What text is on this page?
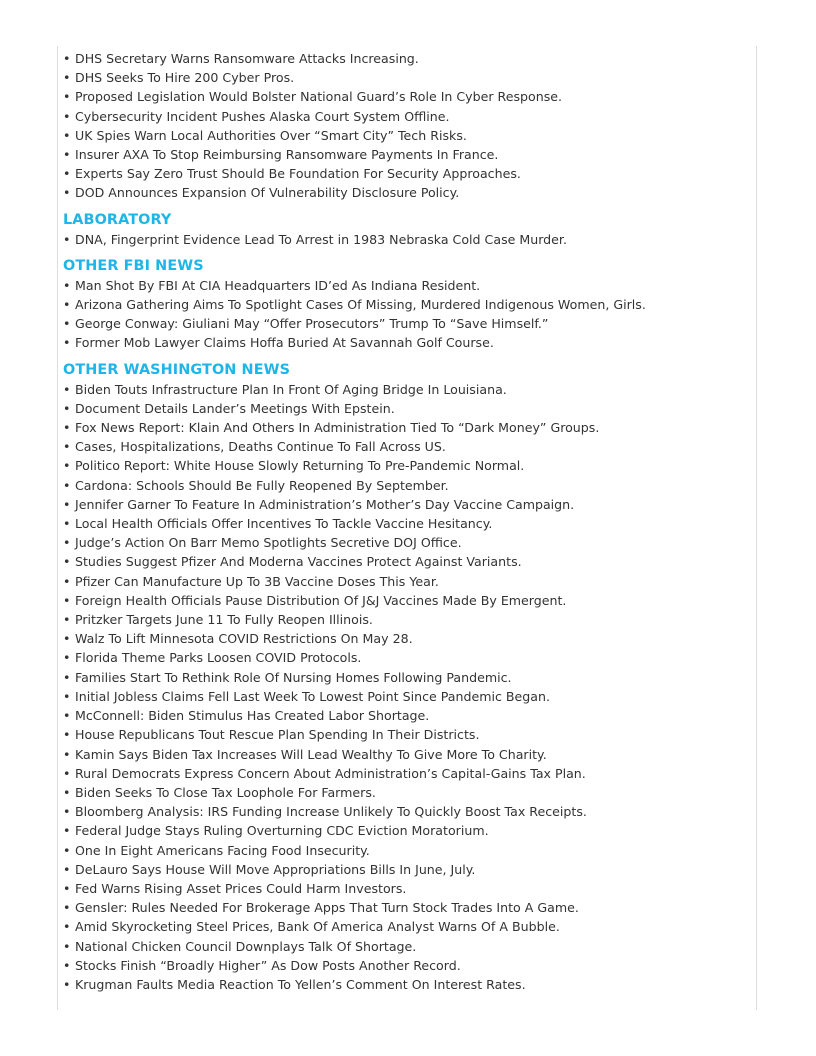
• DHS Secretary Warns Ransomware Attacks Increasing.
• DHS Seeks To Hire 200 Cyber Pros.
• Proposed Legislation Would Bolster National Guard’s Role In Cyber Response.
• Cybersecurity Incident Pushes Alaska Court System Offline.
• UK Spies Warn Local Authorities Over “Smart City” Tech Risks.
• Insurer AXA To Stop Reimbursing Ransomware Payments In France.
• Experts Say Zero Trust Should Be Foundation For Security Approaches.
• DOD Announces Expansion Of Vulnerability Disclosure Policy.
LABORATORY
• DNA, Fingerprint Evidence Lead To Arrest in 1983 Nebraska Cold Case Murder.
OTHER FBI NEWS
• Man Shot By FBI At CIA Headquarters ID’ed As Indiana Resident.
• Arizona Gathering Aims To Spotlight Cases Of Missing, Murdered Indigenous Women, Girls.
• George Conway: Giuliani May “Offer Prosecutors” Trump To “Save Himself.”
• Former Mob Lawyer Claims Hoffa Buried At Savannah Golf Course.
OTHER WASHINGTON NEWS
• Biden Touts Infrastructure Plan In Front Of Aging Bridge In Louisiana.
• Document Details Lander’s Meetings With Epstein.
• Fox News Report: Klain And Others In Administration Tied To “Dark Money” Groups.
• Cases, Hospitalizations, Deaths Continue To Fall Across US.
• Politico Report: White House Slowly Returning To Pre-Pandemic Normal.
• Cardona: Schools Should Be Fully Reopened By September.
• Jennifer Garner To Feature In Administration’s Mother’s Day Vaccine Campaign.
• Local Health Officials Offer Incentives To Tackle Vaccine Hesitancy.
• Judge’s Action On Barr Memo Spotlights Secretive DOJ Office.
• Studies Suggest Pfizer And Moderna Vaccines Protect Against Variants.
• Pfizer Can Manufacture Up To 3B Vaccine Doses This Year.
• Foreign Health Officials Pause Distribution Of J&J Vaccines Made By Emergent.
• Pritzker Targets June 11 To Fully Reopen Illinois.
• Walz To Lift Minnesota COVID Restrictions On May 28.
• Florida Theme Parks Loosen COVID Protocols.
• Families Start To Rethink Role Of Nursing Homes Following Pandemic.
• Initial Jobless Claims Fell Last Week To Lowest Point Since Pandemic Began.
• McConnell: Biden Stimulus Has Created Labor Shortage.
• House Republicans Tout Rescue Plan Spending In Their Districts.
• Kamin Says Biden Tax Increases Will Lead Wealthy To Give More To Charity.
• Rural Democrats Express Concern About Administration’s Capital-Gains Tax Plan.
• Biden Seeks To Close Tax Loophole For Farmers.
• Bloomberg Analysis: IRS Funding Increase Unlikely To Quickly Boost Tax Receipts.
• Federal Judge Stays Ruling Overturning CDC Eviction Moratorium.
• One In Eight Americans Facing Food Insecurity.
• DeLauro Says House Will Move Appropriations Bills In June, July.
• Fed Warns Rising Asset Prices Could Harm Investors.
• Gensler: Rules Needed For Brokerage Apps That Turn Stock Trades Into A Game.
• Amid Skyrocketing Steel Prices, Bank Of America Analyst Warns Of A Bubble.
• National Chicken Council Downplays Talk Of Shortage.
• Stocks Finish “Broadly Higher” As Dow Posts Another Record.
• Krugman Faults Media Reaction To Yellen’s Comment On Interest Rates.
